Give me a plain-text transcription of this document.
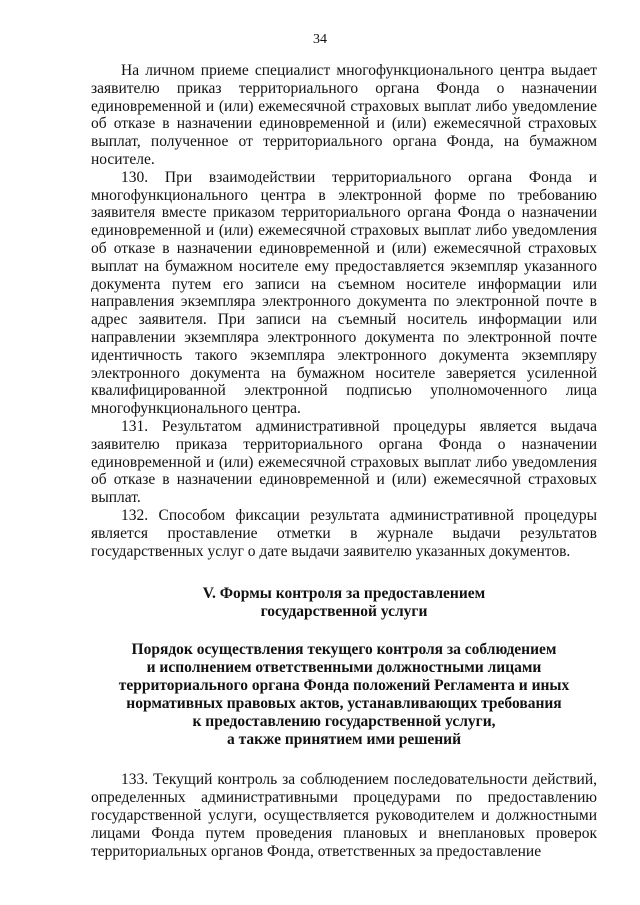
34

На личном приеме специалист многофункционального центра выдает заявителю приказ территориального органа Фонда о назначении единовременной и (или) ежемесячной страховых выплат либо уведомление об отказе в назначении единовременной и (или) ежемесячной страховых выплат, полученное от территориального органа Фонда, на бумажном носителе.

130. При взаимодействии территориального органа Фонда и многофункционального центра в электронной форме по требованию заявителя вместе приказом территориального органа Фонда о назначении единовременной и (или) ежемесячной страховых выплат либо уведомления об отказе в назначении единовременной и (или) ежемесячной страховых выплат на бумажном носителе ему предоставляется экземпляр указанного документа путем его записи на съемном носителе информации или направления экземпляра электронного документа по электронной почте в адрес заявителя. При записи на съемный носитель информации или направлении экземпляра электронного документа по электронной почте идентичность такого экземпляра электронного документа экземпляру электронного документа на бумажном носителе заверяется усиленной квалифицированной электронной подписью уполномоченного лица многофункционального центра.

131. Результатом административной процедуры является выдача заявителю приказа территориального органа Фонда о назначении единовременной и (или) ежемесячной страховых выплат либо уведомления об отказе в назначении единовременной и (или) ежемесячной страховых выплат.

132. Способом фиксации результата административной процедуры является проставление отметки в журнале выдачи результатов государственных услуг о дате выдачи заявителю указанных документов.

V. Формы контроля за предоставлением
государственной услуги
Порядок осуществления текущего контроля за соблюдением
и исполнением ответственными должностными лицами
территориального органа Фонда положений Регламента и иных
нормативных правовых актов, устанавливающих требования
к предоставлению государственной услуги,
а также принятием ими решений

133. Текущий контроль за соблюдением последовательности действий, определенных административными процедурами по предоставлению государственной услуги, осуществляется руководителем и должностными лицами Фонда путем проведения плановых и внеплановых проверок территориальных органов Фонда, ответственных за предоставление
